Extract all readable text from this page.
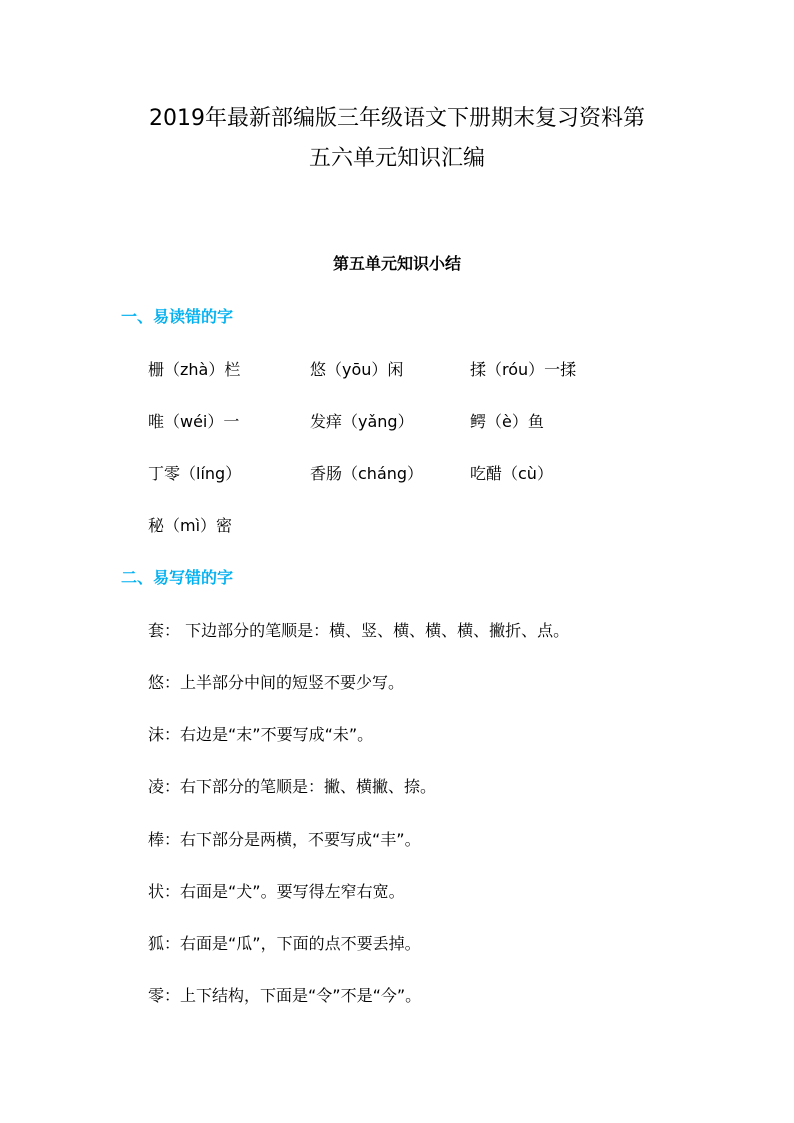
2019年最新部编版三年级语文下册期末复习资料第
五六单元知识汇编
第五单元知识小结
一、易读错的字
栅（zhà）栏	悠（yōu）闲	揉（róu）一揉
唯（wéi）一	发痒（yǎng）	鳄（è）鱼
丁零（líng）	香肠（cháng）	吃醋（cù）
秘（mì）密
二、易写错的字
套： 下边部分的笔顺是：横、竖、横、横、横、撇折、点。
悠：上半部分中间的短竖不要少写。
沫：右边是“末”不要写成“未”。
凌：右下部分的笔顺是：撇、横撇、捺。
棒：右下部分是两横，不要写成“丰”。
状：右面是“犬”。要写得左窄右宽。
狐：右面是“瓜”，下面的点不要丢掉。
零：上下结构，下面是“令”不是“今”。
